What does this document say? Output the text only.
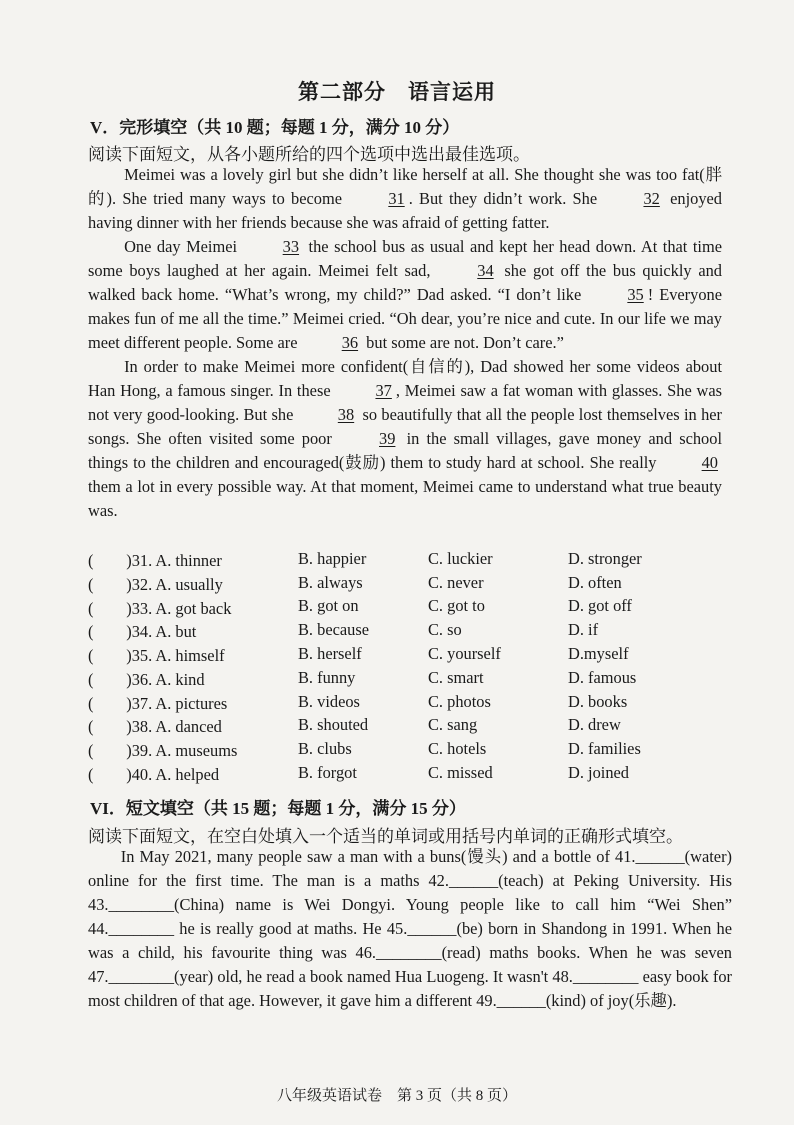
第二部分　语言运用
V．完形填空（共 10 题；每题 1 分，满分 10 分）
阅读下面短文，从各小题所给的四个选项中选出最佳选项。

Meimei was a lovely girl but she didn’t like herself at all. She thought she was too fat(胖的). She tried many ways to become 31 . But they didn’t work. She 32 enjoyed having dinner with her friends because she was afraid of getting fatter.

One day Meimei 33 the school bus as usual and kept her head down. At that time some boys laughed at her again. Meimei felt sad, 34 she got off the bus quickly and walked back home. “What’s wrong, my child?” Dad asked. “I don’t like 35 ! Everyone makes fun of me all the time.” Meimei cried. “Oh dear, you’re nice and cute. In our life we may meet different people. Some are 36 but some are not. Don’t care.”

In order to make Meimei more confident(自信的), Dad showed her some videos about Han Hong, a famous singer. In these 37 , Meimei saw a fat woman with glasses. She was not very good-looking. But she 38 so beautifully that all the people lost themselves in her songs. She often visited some poor 39 in the small villages, gave money and school things to the children and encouraged(鼓励) them to study hard at school. She really 40 them a lot in every possible way. At that moment, Meimei came to understand what true beauty was.

(　　)31. A. thinner	B. happier	C. luckier	D. stronger
(　　)32. A. usually	B. always	C. never	D. often
(　　)33. A. got back	B. got on	C. got to	D. got off
(　　)34. A. but	B. because	C. so	D. if
(　　)35. A. himself	B. herself	C. yourself	D.myself
(　　)36. A. kind	B. funny	C. smart	D. famous
(　　)37. A. pictures	B. videos	C. photos	D. books
(　　)38. A. danced	B. shouted	C. sang	D. drew
(　　)39. A. museums	B. clubs	C. hotels	D. families
(　　)40. A. helped	B. forgot	C. missed	D. joined
VI．短文填空（共 15 题；每题 1 分，满分 15 分）
阅读下面短文，在空白处填入一个适当的单词或用括号内单词的正确形式填空。

In May 2021, many people saw a man with a buns(馒头) and a bottle of 41.______(water) online for the first time. The man is a maths 42.______(teach) at Peking University. His 43.________(China) name is Wei Dongyi. Young people like to call him “Wei Shen” 44.________ he is really good at maths. He 45.______(be) born in Shandong in 1991. When he was a child, his favourite thing was 46.________(read) maths books. When he was seven 47.________(year) old, he read a book named Hua Luogeng. It wasn't 48.________ easy book for most children of that age. However, it gave him a different 49.______(kind) of joy(乐趣).

八年级英语试卷　第 3 页（共 8 页）
